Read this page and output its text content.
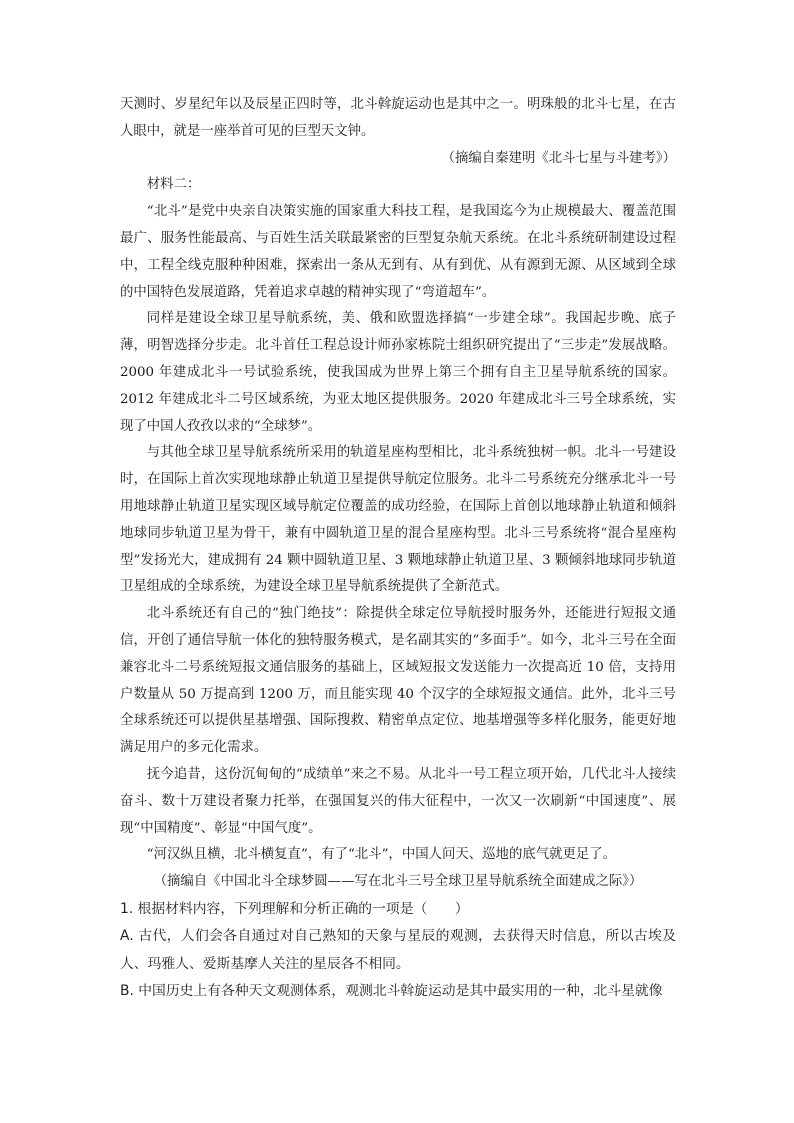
天测时、岁星纪年以及辰星正四时等，北斗斡旋运动也是其中之一。明珠般的北斗七星，在古人眼中，就是一座举首可见的巨型天文钟。

（摘编自秦建明《北斗七星与斗建考》）

材料二：

“北斗”是党中央亲自决策实施的国家重大科技工程，是我国迄今为止规模最大、覆盖范围最广、服务性能最高、与百姓生活关联最紧密的巨型复杂航天系统。在北斗系统研制建设过程中，工程全线克服种种困难，探索出一条从无到有、从有到优、从有源到无源、从区域到全球的中国特色发展道路，凭着追求卓越的精神实现了“弯道超车”。

同样是建设全球卫星导航系统，美、俄和欧盟选择搞“一步建全球”。我国起步晚、底子薄，明智选择分步走。北斗首任工程总设计师孙家栋院士组织研究提出了“三步走”发展战略。2000 年建成北斗一号试验系统，使我国成为世界上第三个拥有自主卫星导航系统的国家。2012 年建成北斗二号区域系统，为亚太地区提供服务。2020 年建成北斗三号全球系统，实现了中国人孜孜以求的“全球梦”。

与其他全球卫星导航系统所采用的轨道星座构型相比，北斗系统独树一帜。北斗一号建设时，在国际上首次实现地球静止轨道卫星提供导航定位服务。北斗二号系统充分继承北斗一号用地球静止轨道卫星实现区域导航定位覆盖的成功经验，在国际上首创以地球静止轨道和倾斜地球同步轨道卫星为骨干，兼有中圆轨道卫星的混合星座构型。北斗三号系统将“混合星座构型”发扬光大，建成拥有 24 颗中圆轨道卫星、3 颗地球静止轨道卫星、3 颗倾斜地球同步轨道卫星组成的全球系统，为建设全球卫星导航系统提供了全新范式。

北斗系统还有自己的“独门绝技”：除提供全球定位导航授时服务外，还能进行短报文通信，开创了通信导航一体化的独特服务模式，是名副其实的“多面手”。如今，北斗三号在全面兼容北斗二号系统短报文通信服务的基础上，区域短报文发送能力一次提高近 10 倍，支持用户数量从 50 万提高到 1200 万，而且能实现 40 个汉字的全球短报文通信。此外，北斗三号全球系统还可以提供星基增强、国际搜救、精密单点定位、地基增强等多样化服务，能更好地满足用户的多元化需求。

抚今追昔，这份沉甸甸的“成绩单”来之不易。从北斗一号工程立项开始，几代北斗人接续奋斗、数十万建设者聚力托举，在强国复兴的伟大征程中，一次又一次刷新“中国速度”、展现“中国精度”、彰显“中国气度”。

“河汉纵且横，北斗横复直”，有了“北斗”，中国人问天、巡地的底气就更足了。

（摘编自《中国北斗全球梦圆——写在北斗三号全球卫星导航系统全面建成之际》）

1. 根据材料内容，下列理解和分析正确的一项是（　　）

A. 古代，人们会各自通过对自己熟知的天象与星辰的观测，去获得天时信息，所以古埃及人、玛雅人、爱斯基摩人关注的星辰各不相同。

B. 中国历史上有各种天文观测体系，观测北斗斡旋运动是其中最实用的一种，北斗星就像
